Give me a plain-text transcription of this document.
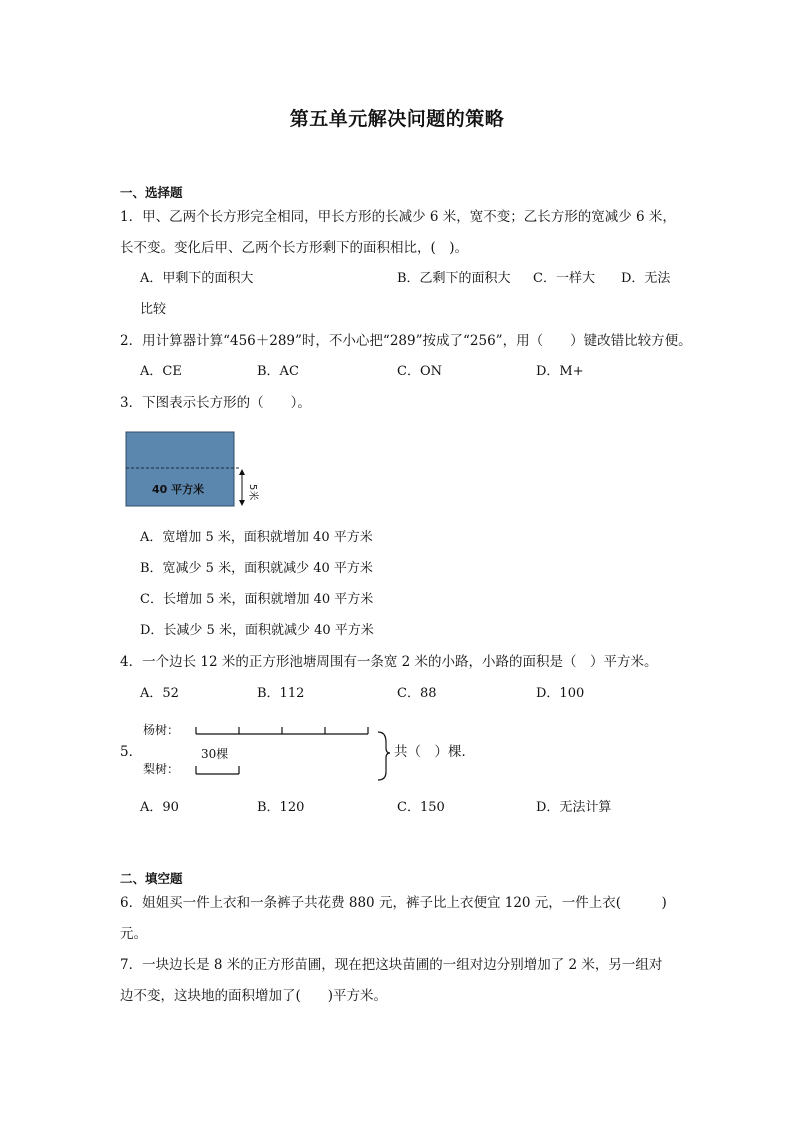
第五单元解决问题的策略
一、选择题
1．甲、乙两个长方形完全相同，甲长方形的长减少 6 米，宽不变；乙长方形的宽减少 6 米，
长不变。变化后甲、乙两个长方形剩下的面积相比，(　)。
A．甲剩下的面积大	B．乙剩下的面积大 C．一样大 D．无法
比较
2．用计算器计算“456＋289”时，不小心把“289”按成了“256”，用（　　）键改错比较方便。
A．CE	B．AC	C．ON	D．M+
3．下图表示长方形的（　　）。
40 平方米	5米
A．宽增加 5 米，面积就增加 40 平方米
B．宽减少 5 米，面积就减少 40 平方米
C．长增加 5 米，面积就增加 40 平方米
D．长减少 5 米，面积就减少 40 平方米
4．一个边长 12 米的正方形池塘周围有一条宽 2 米的小路，小路的面积是（　）平方米。
A．52	B．112	C．88	D．100
5．
杨树：
梨树：
30棵	共（　）棵．
A．90	B．120	C．150	D．无法计算
二、填空题
6．姐姐买一件上衣和一条裤子共花费 880 元，裤子比上衣便宜 120 元，一件上衣(　　　)
元。
7．一块边长是 8 米的正方形苗圃，现在把这块苗圃的一组对边分别增加了 2 米，另一组对
边不变，这块地的面积增加了(　　)平方米。
